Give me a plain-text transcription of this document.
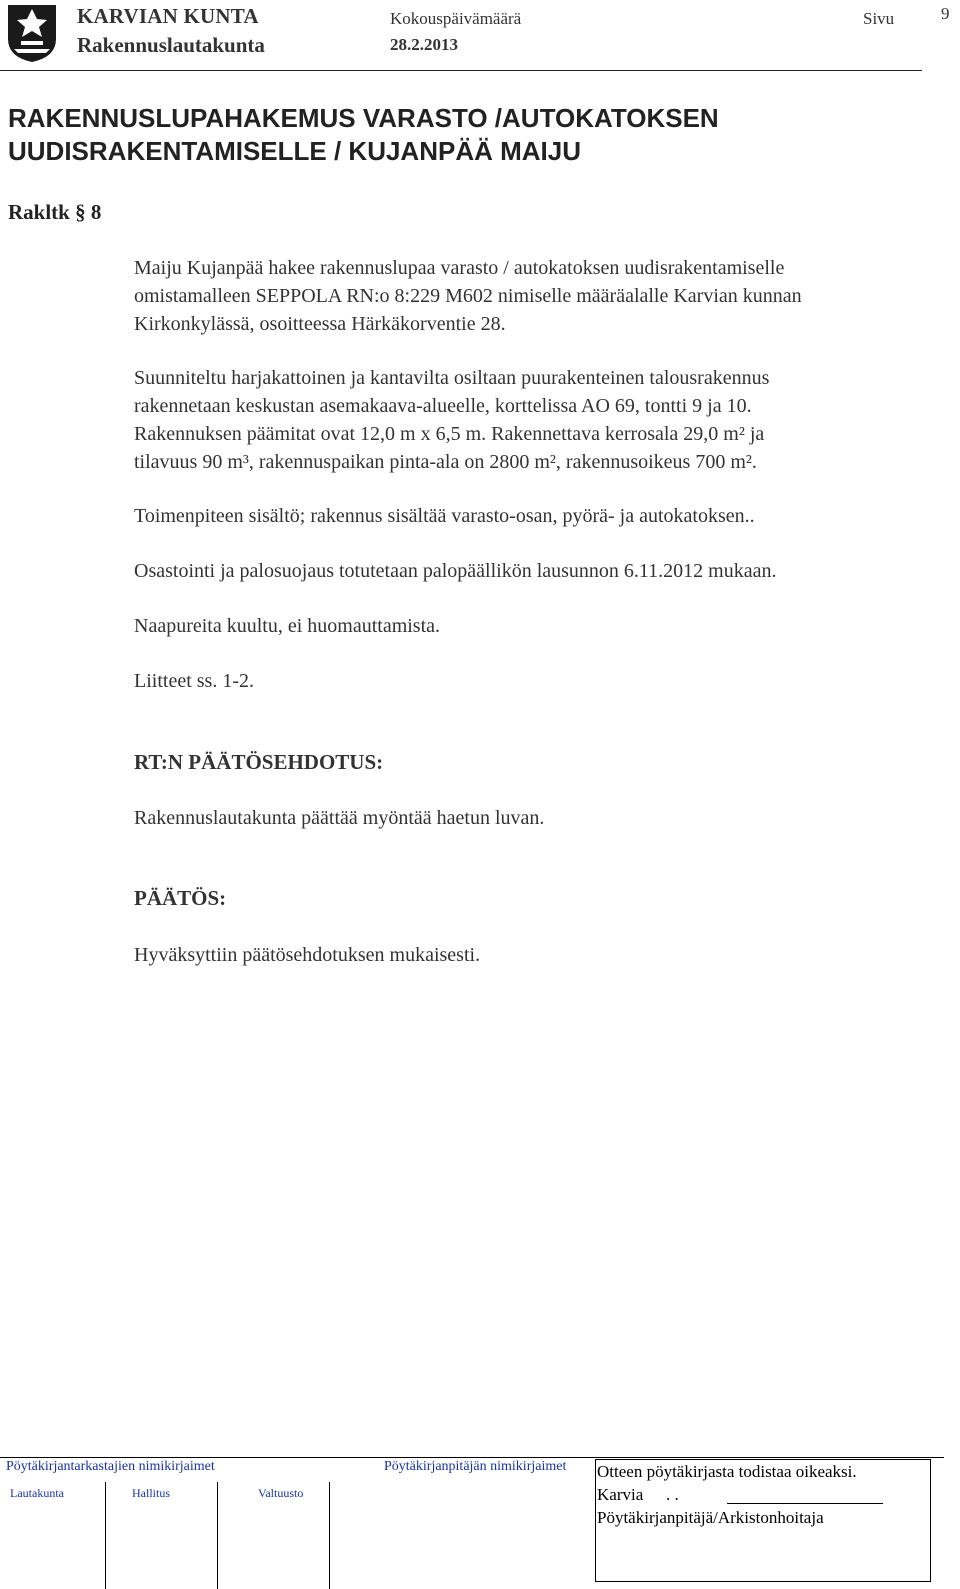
KARVIAN KUNTA
Rakennuslautakunta
Kokouspäivämäärä
28.2.2013
Sivu	9
RAKENNUSLUPAHAKEMUS VARASTO /AUTOKATOKSEN
UUDISRAKENTAMISELLE / KUJANPÄÄ MAIJU
Rakltk § 8

Maiju Kujanpää hakee rakennuslupaa varasto / autokatoksen uudisrakentamiselle

omistamalleen SEPPOLA RN:o 8:229 M602 nimiselle määräalalle Karvian kunnan

Kirkonkylässä, osoitteessa Härkäkorventie 28.

Suunniteltu harjakattoinen ja kantavilta osiltaan puurakenteinen talousrakennus

rakennetaan keskustan asemakaava-alueelle, korttelissa AO 69, tontti 9 ja 10.

Rakennuksen päämitat ovat 12,0 m x 6,5 m. Rakennettava kerrosala 29,0 m² ja

tilavuus 90 m³, rakennuspaikan pinta-ala on 2800 m², rakennusoikeus 700 m².

Toimenpiteen sisältö; rakennus sisältää varasto-osan, pyörä- ja autokatoksen..

Osastointi ja palosuojaus totutetaan palopäällikön lausunnon 6.11.2012 mukaan.

Naapureita kuultu, ei huomauttamista.

Liitteet ss. 1-2.

RT:N PÄÄTÖSEHDOTUS:
Rakennuslautakunta päättää myöntää haetun luvan.
PÄÄTÖS:
Hyväksyttiin päätösehdotuksen mukaisesti.
Pöytäkirjantarkastajien nimikirjaimet	Pöytäkirjanpitäjän nimikirjaimet
Lautakunta	Hallitus	Valtuusto
Otteen pöytäkirjasta todistaa oikeaksi.
Karvia . .
Pöytäkirjanpitäjä/Arkistonhoitaja
